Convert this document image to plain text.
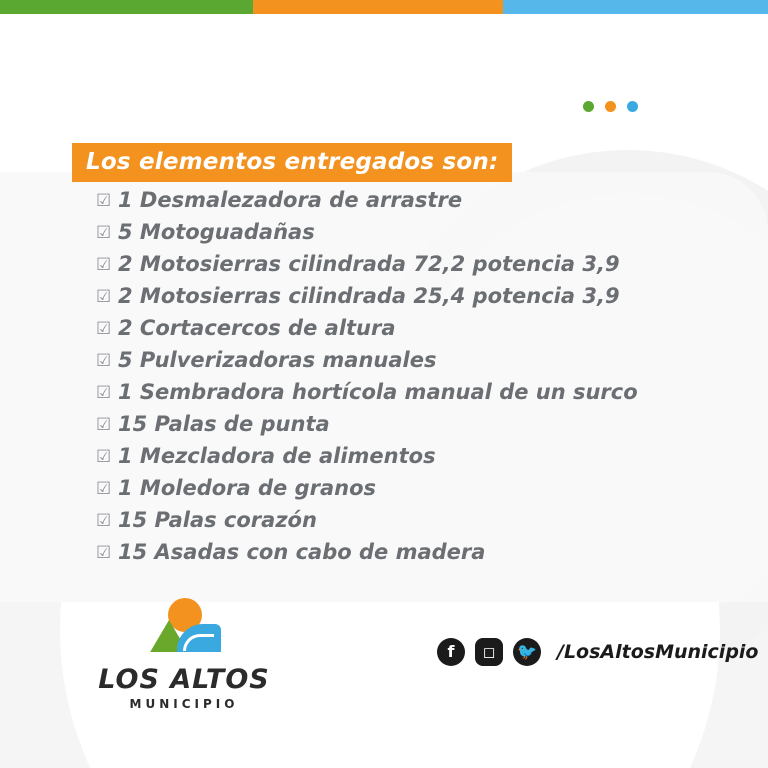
Los elementos entregados son:
☑ 1 Desmalezadora de arrastre
☑ 5 Motoguadañas
☑ 2 Motosierras cilindrada 72,2 potencia 3,9
☑ 2 Motosierras cilindrada 25,4 potencia 3,9
☑ 2 Cortacercos de altura
☑ 5 Pulverizadoras manuales
☑ 1 Sembradora hortícola manual de un surco
☑ 15 Palas de punta
☑ 1 Mezcladora de alimentos
☑ 1 Moledora de granos
☑ 15 Palas corazón
☑ 15 Asadas con cabo de madera
LOS ALTOS
MUNICIPIO
f	◻	🐦 /LosAltosMunicipio
